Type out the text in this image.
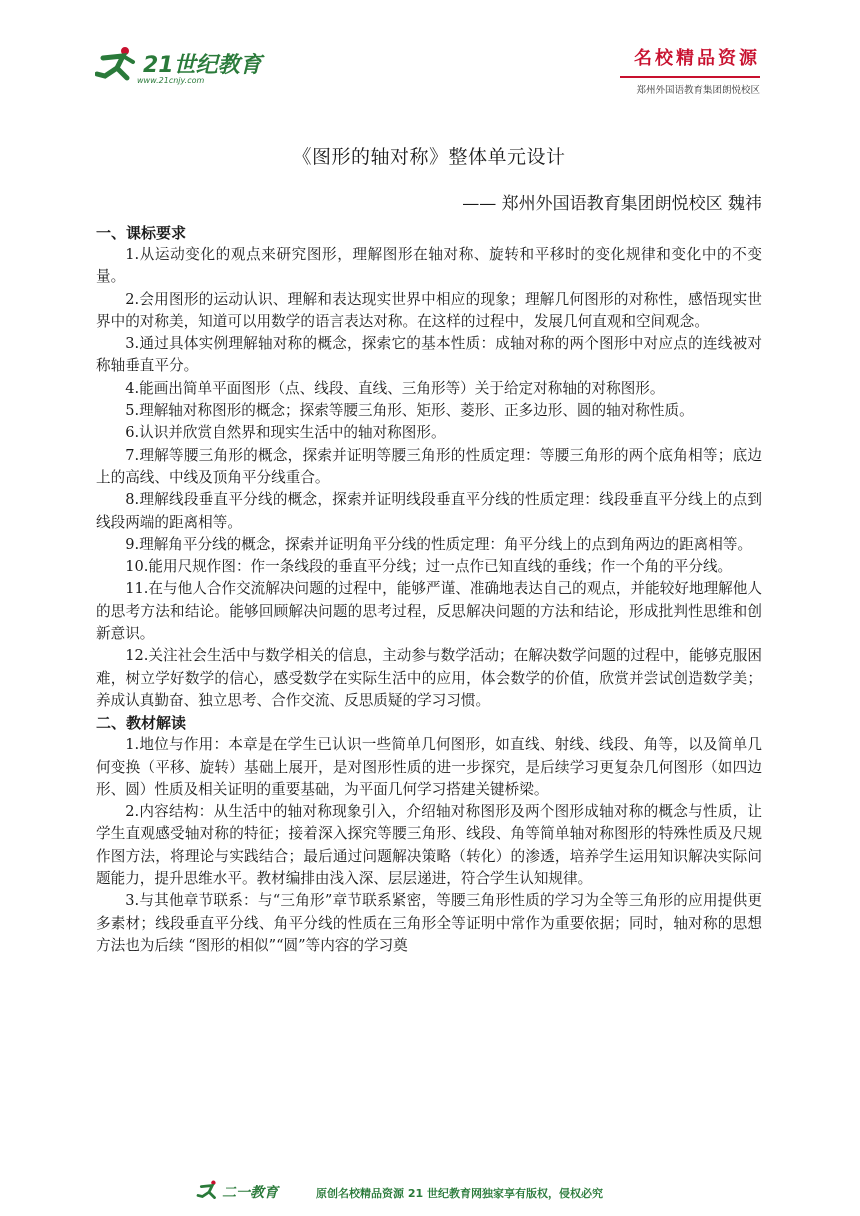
21世纪教育
www.21cnjy.com
名校精品资源
郑州外国语教育集团朗悦校区
《图形的轴对称》整体单元设计
—— 郑州外国语教育集团朗悦校区 魏祎
一、课标要求

1.从运动变化的观点来研究图形，理解图形在轴对称、旋转和平移时的变化规律和变化中的不变量。

2.会用图形的运动认识、理解和表达现实世界中相应的现象；理解几何图形的对称性，感悟现实世界中的对称美，知道可以用数学的语言表达对称。在这样的过程中，发展几何直观和空间观念。

3.通过具体实例理解轴对称的概念，探索它的基本性质：成轴对称的两个图形中对应点的连线被对称轴垂直平分。

4.能画出简单平面图形（点、线段、直线、三角形等）关于给定对称轴的对称图形。

5.理解轴对称图形的概念；探索等腰三角形、矩形、菱形、正多边形、圆的轴对称性质。

6.认识并欣赏自然界和现实生活中的轴对称图形。

7.理解等腰三角形的概念，探索并证明等腰三角形的性质定理：等腰三角形的两个底角相等；底边上的高线、中线及顶角平分线重合。

8.理解线段垂直平分线的概念，探索并证明线段垂直平分线的性质定理：线段垂直平分线上的点到线段两端的距离相等。

9.理解角平分线的概念，探索并证明角平分线的性质定理：角平分线上的点到角两边的距离相等。

10.能用尺规作图：作一条线段的垂直平分线；过一点作已知直线的垂线；作一个角的平分线。

11.在与他人合作交流解决问题的过程中，能够严谨、准确地表达自己的观点，并能较好地理解他人的思考方法和结论。能够回顾解决问题的思考过程，反思解决问题的方法和结论，形成批判性思维和创新意识。

12.关注社会生活中与数学相关的信息，主动参与数学活动；在解决数学问题的过程中，能够克服困难，树立学好数学的信心，感受数学在实际生活中的应用，体会数学的价值，欣赏并尝试创造数学美；养成认真勤奋、独立思考、合作交流、反思质疑的学习习惯。

二、教材解读

1.地位与作用：本章是在学生已认识一些简单几何图形，如直线、射线、线段、角等，以及简单几何变换（平移、旋转）基础上展开，是对图形性质的进一步探究，是后续学习更复杂几何图形（如四边形、圆）性质及相关证明的重要基础，为平面几何学习搭建关键桥梁。

2.内容结构：从生活中的轴对称现象引入，介绍轴对称图形及两个图形成轴对称的概念与性质，让学生直观感受轴对称的特征；接着深入探究等腰三角形、线段、角等简单轴对称图形的特殊性质及尺规作图方法，将理论与实践结合；最后通过问题解决策略（转化）的渗透，培养学生运用知识解决实际问题能力，提升思维水平。教材编排由浅入深、层层递进，符合学生认知规律。

3.与其他章节联系：与“三角形”章节联系紧密，等腰三角形性质的学习为全等三角形的应用提供更多素材；线段垂直平分线、角平分线的性质在三角形全等证明中常作为重要依据；同时，轴对称的思想方法也为后续 “图形的相似”“圆”等内容的学习奠

二一教育	原创名校精品资源 21 世纪教育网独家享有版权，侵权必究
